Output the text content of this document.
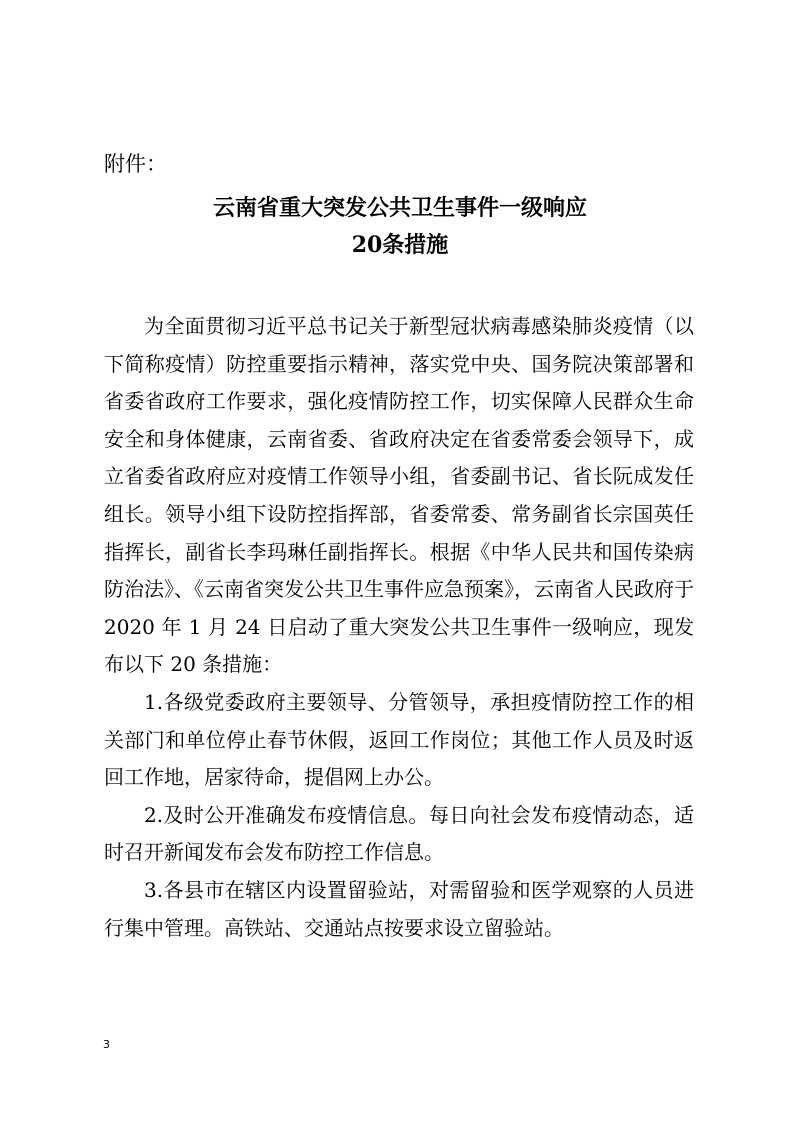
附件：
云南省重大突发公共卫生事件一级响应
20条措施

为全面贯彻习近平总书记关于新型冠状病毒感染肺炎疫情（以下简称疫情）防控重要指示精神，落实党中央、国务院决策部署和省委省政府工作要求，强化疫情防控工作，切实保障人民群众生命安全和身体健康，云南省委、省政府决定在省委常委会领导下，成立省委省政府应对疫情工作领导小组，省委副书记、省长阮成发任组长。领导小组下设防控指挥部，省委常委、常务副省长宗国英任指挥长，副省长李玛琳任副指挥长。根据《中华人民共和国传染病防治法》、《云南省突发公共卫生事件应急预案》，云南省人民政府于 2020 年 1 月 24 日启动了重大突发公共卫生事件一级响应，现发布以下 20 条措施：

1.各级党委政府主要领导、分管领导，承担疫情防控工作的相关部门和单位停止春节休假，返回工作岗位；其他工作人员及时返回工作地，居家待命，提倡网上办公。

2.及时公开准确发布疫情信息。每日向社会发布疫情动态，适时召开新闻发布会发布防控工作信息。

3.各县市在辖区内设置留验站，对需留验和医学观察的人员进行集中管理。高铁站、交通站点按要求设立留验站。

3
